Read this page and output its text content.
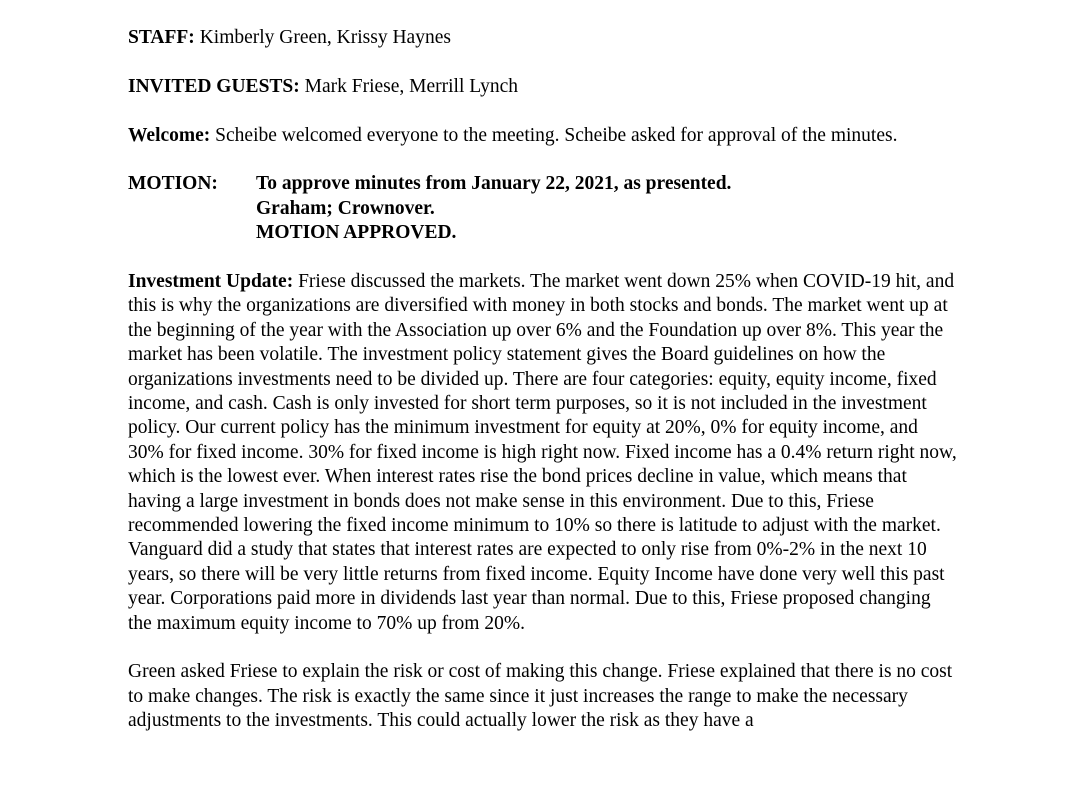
STAFF: Kimberly Green, Krissy Haynes

INVITED GUESTS: Mark Friese, Merrill Lynch

Welcome: Scheibe welcomed everyone to the meeting. Scheibe asked for approval of the minutes.

MOTION:	To approve minutes from January 22, 2021, as presented.
Graham; Crownover.
MOTION APPROVED.

Investment Update: Friese discussed the markets. The market went down 25% when COVID-19 hit, and this is why the organizations are diversified with money in both stocks and bonds. The market went up at the beginning of the year with the Association up over 6% and the Foundation up over 8%. This year the market has been volatile. The investment policy statement gives the Board guidelines on how the organizations investments need to be divided up. There are four categories: equity, equity income, fixed income, and cash. Cash is only invested for short term purposes, so it is not included in the investment policy. Our current policy has the minimum investment for equity at 20%, 0% for equity income, and 30% for fixed income. 30% for fixed income is high right now. Fixed income has a 0.4% return right now, which is the lowest ever. When interest rates rise the bond prices decline in value, which means that having a large investment in bonds does not make sense in this environment. Due to this, Friese recommended lowering the fixed income minimum to 10% so there is latitude to adjust with the market. Vanguard did a study that states that interest rates are expected to only rise from 0%-2% in the next 10 years, so there will be very little returns from fixed income. Equity Income have done very well this past year. Corporations paid more in dividends last year than normal. Due to this, Friese proposed changing the maximum equity income to 70% up from 20%.

Green asked Friese to explain the risk or cost of making this change. Friese explained that there is no cost to make changes. The risk is exactly the same since it just increases the range to make the necessary adjustments to the investments. This could actually lower the risk as they have a
